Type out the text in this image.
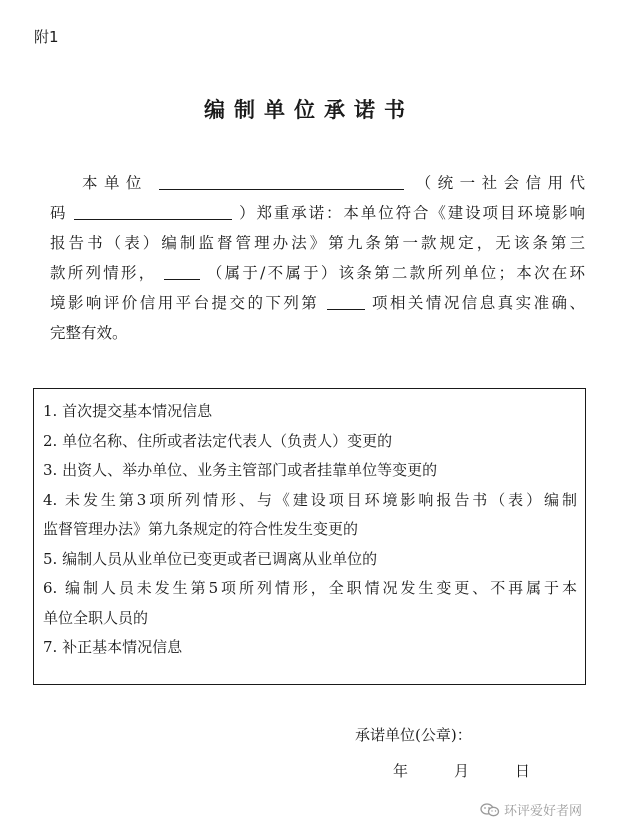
附1
编制单位承诺书
本单位	（统一社会信用代
码	）郑重承诺：本单位符合《建设项目环境影响
报告书（表）编制监督管理办法》第九条第一款规定，无该条第三
款所列情形，	（属于/不属于）该条第二款所列单位；本次在环
境影响评价信用平台提交的下列第	项相关情况信息真实准确、
完整有效。
1. 首次提交基本情况信息
2. 单位名称、住所或者法定代表人（负责人）变更的
3. 出资人、举办单位、业务主管部门或者挂靠单位等变更的
4. 未发生第3项所列情形、与《建设项目环境影响报告书（表）编制
监督管理办法》第九条规定的符合性发生变更的
5. 编制人员从业单位已变更或者已调离从业单位的
6. 编制人员未发生第5项所列情形，全职情况发生变更、不再属于本
单位全职人员的
7. 补正基本情况信息
承诺单位(公章)：
年	月	日
环评爱好者网
